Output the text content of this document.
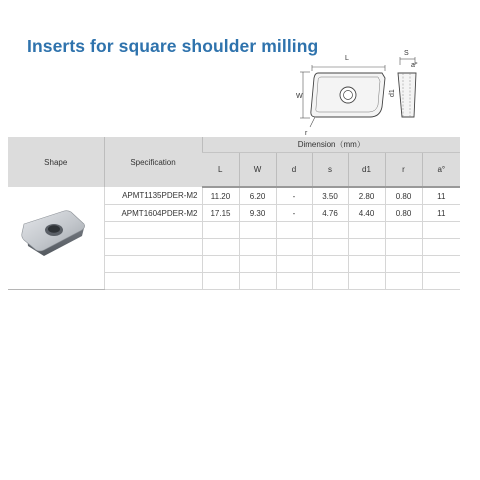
Inserts for square shoulder milling
L
W
r
S
d1
a°
Shape	Specification	Dimension（mm）						
		L	W	d	s	d1	r	a°
	APMT1135PDER-M2	11.20	6.20	-	3.50	2.80	0.80	11
	APMT1604PDER-M2	17.15	9.30	-	4.76	4.40	0.80	11
